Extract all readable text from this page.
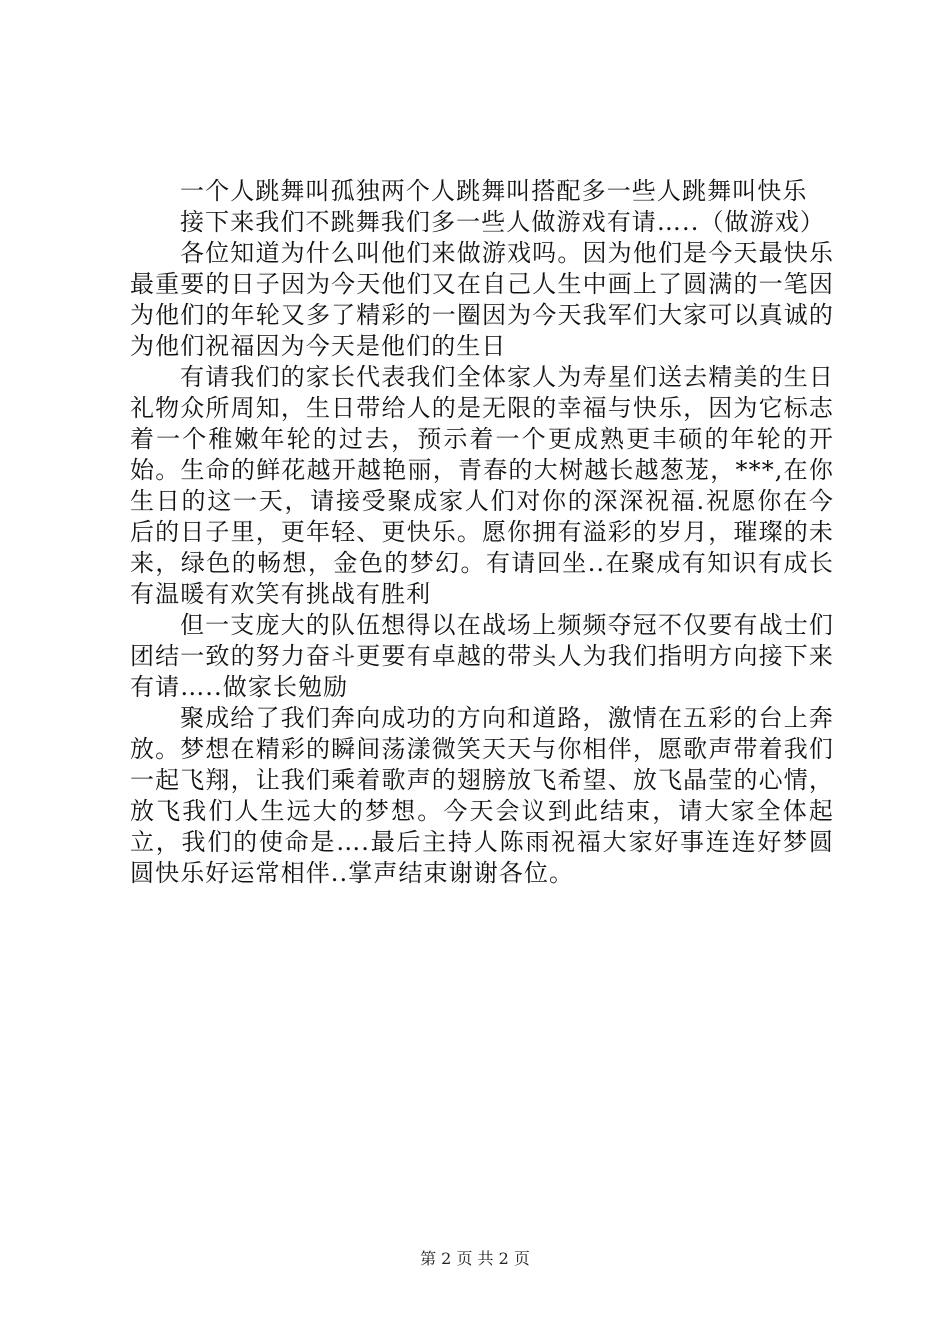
一个人跳舞叫孤独两个人跳舞叫搭配多一些人跳舞叫快乐

接下来我们不跳舞我们多一些人做游戏有请…..（做游戏）

各位知道为什么叫他们来做游戏吗。因为他们是今天最快乐最重要的日子因为今天他们又在自己人生中画上了圆满的一笔因为他们的年轮又多了精彩的一圈因为今天我军们大家可以真诚的为他们祝福因为今天是他们的生日

有请我们的家长代表我们全体家人为寿星们送去精美的生日礼物众所周知，生日带给人的是无限的幸福与快乐，因为它标志着一个稚嫩年轮的过去，预示着一个更成熟更丰硕的年轮的开始。生命的鲜花越开越艳丽，青春的大树越长越葱茏，***,在你生日的这一天，请接受聚成家人们对你的深深祝福.祝愿你在今后的日子里，更年轻、更快乐。愿你拥有溢彩的岁月，璀璨的未来，绿色的畅想，金色的梦幻。有请回坐..在聚成有知识有成长有温暖有欢笑有挑战有胜利

但一支庞大的队伍想得以在战场上频频夺冠不仅要有战士们团结一致的努力奋斗更要有卓越的带头人为我们指明方向接下来有请…..做家长勉励

聚成给了我们奔向成功的方向和道路，激情在五彩的台上奔放。梦想在精彩的瞬间荡漾微笑天天与你相伴，愿歌声带着我们一起飞翔，让我们乘着歌声的翅膀放飞希望、放飞晶莹的心情，放飞我们人生远大的梦想。今天会议到此结束，请大家全体起立，我们的使命是….最后主持人陈雨祝福大家好事连连好梦圆圆快乐好运常相伴..掌声结束谢谢各位。

第 2 页 共 2 页
